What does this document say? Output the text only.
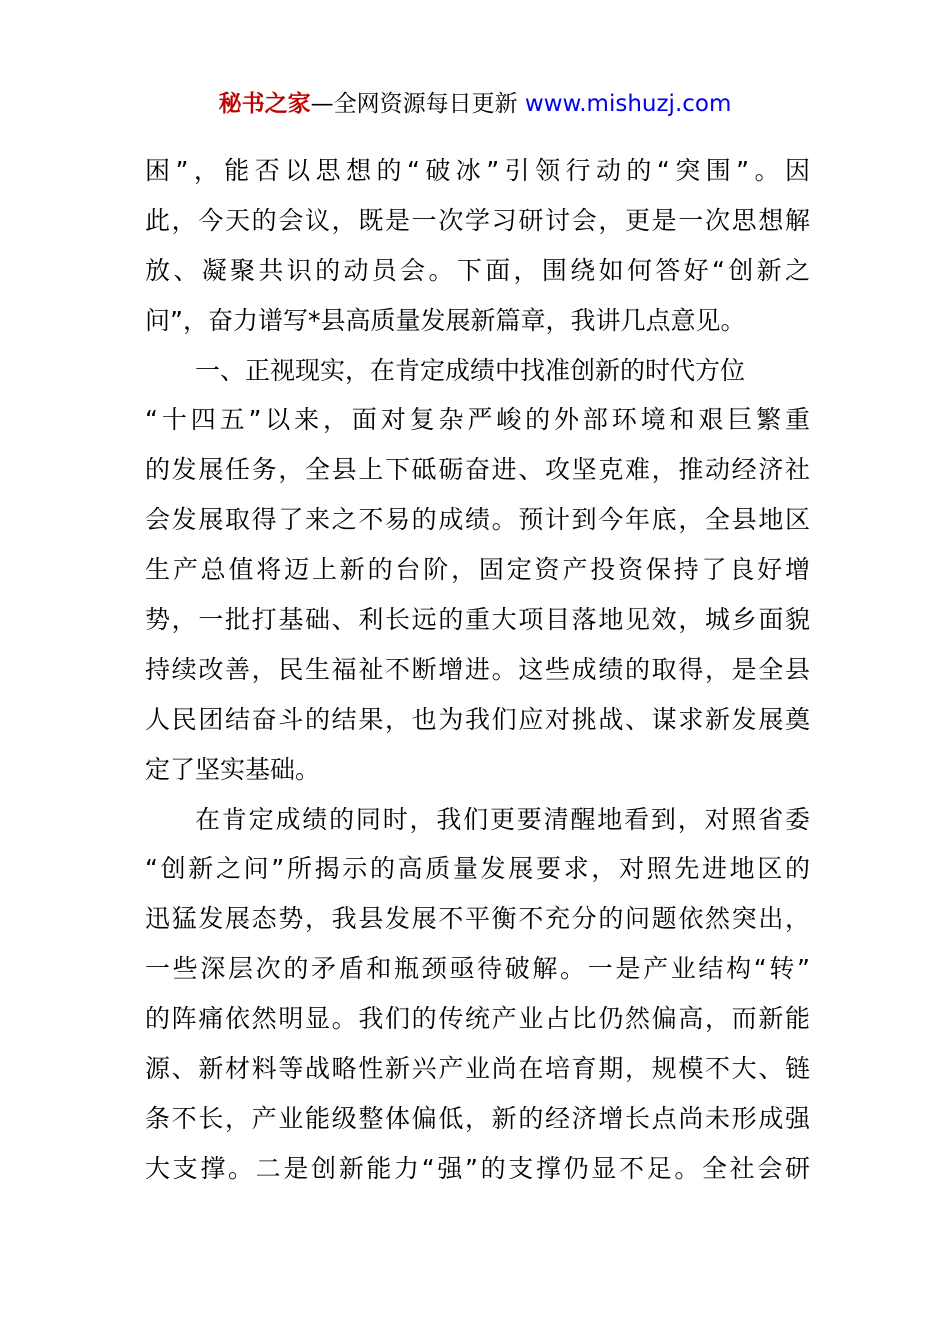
秘书之家—全网资源每日更新 www.mishuzj.com
困”，能否以思想的“破冰”引领行动的“突围”。因
此，今天的会议，既是一次学习研讨会，更是一次思想解
放、凝聚共识的动员会。下面，围绕如何答好“创新之
问”，奋力谱写*县高质量发展新篇章，我讲几点意见。
一、正视现实，在肯定成绩中找准创新的时代方位
“十四五”以来，面对复杂严峻的外部环境和艰巨繁重
的发展任务，全县上下砥砺奋进、攻坚克难，推动经济社
会发展取得了来之不易的成绩。预计到今年底，全县地区
生产总值将迈上新的台阶，固定资产投资保持了良好增
势，一批打基础、利长远的重大项目落地见效，城乡面貌
持续改善，民生福祉不断增进。这些成绩的取得，是全县
人民团结奋斗的结果，也为我们应对挑战、谋求新发展奠
定了坚实基础。
在肯定成绩的同时，我们更要清醒地看到，对照省委
“创新之问”所揭示的高质量发展要求，对照先进地区的
迅猛发展态势，我县发展不平衡不充分的问题依然突出，
一些深层次的矛盾和瓶颈亟待破解。一是产业结构“转”
的阵痛依然明显。我们的传统产业占比仍然偏高，而新能
源、新材料等战略性新兴产业尚在培育期，规模不大、链
条不长，产业能级整体偏低，新的经济增长点尚未形成强
大支撑。二是创新能力“强”的支撑仍显不足。全社会研
